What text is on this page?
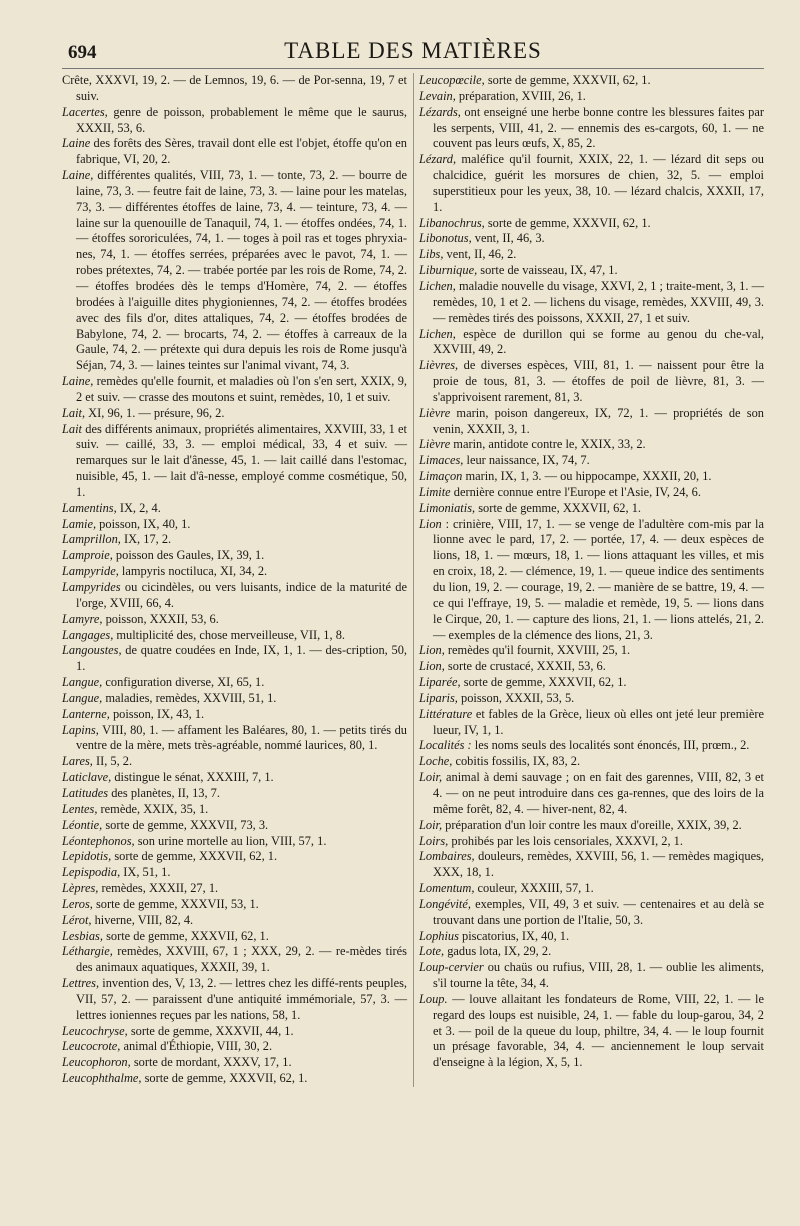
694	TABLE DES MATIÈRES

Crête, XXXVI, 19, 2. — de Lemnos, 19, 6. — de Por-senna, 19, 7 et suiv.

Lacertes, genre de poisson, probablement le même que le saurus, XXXII, 53, 6.

Laine des forêts des Sères, travail dont elle est l'objet, étoffe qu'on en fabrique, VI, 20, 2.

Laine, différentes qualités, VIII, 73, 1. — tonte, 73, 2. — bourre de laine, 73, 3. — feutre fait de laine, 73, 3. — laine pour les matelas, 73, 3. — différentes étoffes de laine, 73, 4. — teinture, 73, 4. — laine sur la quenouille de Tanaquil, 74, 1. — étoffes ondées, 74, 1. — étoffes sororiculées, 74, 1. — toges à poil ras et toges phryxia-nes, 74, 1. — étoffes serrées, préparées avec le pavot, 74, 1. — robes prétextes, 74, 2. — trabée portée par les rois de Rome, 74, 2. — étoffes brodées dès le temps d'Homère, 74, 2. — étoffes brodées à l'aiguille dites phygioniennes, 74, 2. — étoffes brodées avec des fils d'or, dites attaliques, 74, 2. — étoffes brodées de Babylone, 74, 2. — brocarts, 74, 2. — étoffes à carreaux de la Gaule, 74, 2. — prétexte qui dura depuis les rois de Rome jusqu'à Séjan, 74, 3. — laines teintes sur l'animal vivant, 74, 3.

Laine, remèdes qu'elle fournit, et maladies où l'on s'en sert, XXIX, 9, 2 et suiv. — crasse des moutons et suint, remèdes, 10, 1 et suiv.

Lait, XI, 96, 1. — présure, 96, 2.

Lait des différents animaux, propriétés alimentaires, XXVIII, 33, 1 et suiv. — caillé, 33, 3. — emploi médical, 33, 4 et suiv. — remarques sur le lait d'ânesse, 45, 1. — lait caillé dans l'estomac, nuisible, 45, 1. — lait d'â-nesse, employé comme cosmétique, 50, 1.

Lamentins, IX, 2, 4.

Lamie, poisson, IX, 40, 1.

Lamprillon, IX, 17, 2.

Lamproie, poisson des Gaules, IX, 39, 1.

Lampyride, lampyris noctiluca, XI, 34, 2.

Lampyrides ou cicindèles, ou vers luisants, indice de la maturité de l'orge, XVIII, 66, 4.

Lamyre, poisson, XXXII, 53, 6.

Langages, multiplicité des, chose merveilleuse, VII, 1, 8.

Langoustes, de quatre coudées en Inde, IX, 1, 1. — des-cription, 50, 1.

Langue, configuration diverse, XI, 65, 1.

Langue, maladies, remèdes, XXVIII, 51, 1.

Lanterne, poisson, IX, 43, 1.

Lapins, VIII, 80, 1. — affament les Baléares, 80, 1. — petits tirés du ventre de la mère, mets très-agréable, nommé laurices, 80, 1.

Lares, II, 5, 2.

Laticlave, distingue le sénat, XXXIII, 7, 1.

Latitudes des planètes, II, 13, 7.

Lentes, remède, XXIX, 35, 1.

Léontie, sorte de gemme, XXXVII, 73, 3.

Léontephonos, son urine mortelle au lion, VIII, 57, 1.

Lepidotis, sorte de gemme, XXXVII, 62, 1.

Lepispodia, IX, 51, 1.

Lèpres, remèdes, XXXII, 27, 1.

Leros, sorte de gemme, XXXVII, 53, 1.

Lérot, hiverne, VIII, 82, 4.

Lesbias, sorte de gemme, XXXVII, 62, 1.

Léthargie, remèdes, XXVIII, 67, 1 ; XXX, 29, 2. — re-mèdes tirés des animaux aquatiques, XXXII, 39, 1.

Lettres, invention des, V, 13, 2. — lettres chez les diffé-rents peuples, VII, 57, 2. — paraissent d'une antiquité immémoriale, 57, 3. — lettres ioniennes reçues par les nations, 58, 1.

Leucochryse, sorte de gemme, XXXVII, 44, 1.

Leucocrote, animal d'Éthiopie, VIII, 30, 2.

Leucophoron, sorte de mordant, XXXV, 17, 1.

Leucophthalme, sorte de gemme, XXXVII, 62, 1.

Leucopœcile, sorte de gemme, XXXVII, 62, 1.

Levain, préparation, XVIII, 26, 1.

Lézards, ont enseigné une herbe bonne contre les blessures faites par les serpents, VIII, 41, 2. — ennemis des es-cargots, 60, 1. — ne couvent pas leurs œufs, X, 85, 2.

Lézard, maléfice qu'il fournit, XXIX, 22, 1. — lézard dit seps ou chalcidice, guérit les morsures de chien, 32, 5. — emploi superstitieux pour les yeux, 38, 10. — lézard chalcis, XXXII, 17, 1.

Libanochrus, sorte de gemme, XXXVII, 62, 1.

Libonotus, vent, II, 46, 3.

Libs, vent, II, 46, 2.

Liburnique, sorte de vaisseau, IX, 47, 1.

Lichen, maladie nouvelle du visage, XXVI, 2, 1 ; traite-ment, 3, 1. — remèdes, 10, 1 et 2. — lichens du visage, remèdes, XXVIII, 49, 3. — remèdes tirés des poissons, XXXII, 27, 1 et suiv.

Lichen, espèce de durillon qui se forme au genou du che-val, XXVIII, 49, 2.

Lièvres, de diverses espèces, VIII, 81, 1. — naissent pour être la proie de tous, 81, 3. — étoffes de poil de lièvre, 81, 3. — s'apprivoisent rarement, 81, 3.

Lièvre marin, poison dangereux, IX, 72, 1. — propriétés de son venin, XXXII, 3, 1.

Lièvre marin, antidote contre le, XXIX, 33, 2.

Limaces, leur naissance, IX, 74, 7.

Limaçon marin, IX, 1, 3. — ou hippocampe, XXXII, 20, 1.

Limite dernière connue entre l'Europe et l'Asie, IV, 24, 6.

Limoniatis, sorte de gemme, XXXVII, 62, 1.

Lion : crinière, VIII, 17, 1. — se venge de l'adultère com-mis par la lionne avec le pard, 17, 2. — portée, 17, 4. — deux espèces de lions, 18, 1. — mœurs, 18, 1. — lions attaquant les villes, et mis en croix, 18, 2. — clémence, 19, 1. — queue indice des sentiments du lion, 19, 2. — courage, 19, 2. — manière de se battre, 19, 4. — ce qui l'effraye, 19, 5. — maladie et remède, 19, 5. — lions dans le Cirque, 20, 1. — capture des lions, 21, 1. — lions attelés, 21, 2. — exemples de la clémence des lions, 21, 3.

Lion, remèdes qu'il fournit, XXVIII, 25, 1.

Lion, sorte de crustacé, XXXII, 53, 6.

Liparée, sorte de gemme, XXXVII, 62, 1.

Liparis, poisson, XXXII, 53, 5.

Littérature et fables de la Grèce, lieux où elles ont jeté leur première lueur, IV, 1, 1.

Localités : les noms seuls des localités sont énoncés, III, prœm., 2.

Loche, cobitis fossilis, IX, 83, 2.

Loir, animal à demi sauvage ; on en fait des garennes, VIII, 82, 3 et 4. — on ne peut introduire dans ces ga-rennes, que des loirs de la même forêt, 82, 4. — hiver-nent, 82, 4.

Loir, préparation d'un loir contre les maux d'oreille, XXIX, 39, 2.

Loirs, prohibés par les lois censoriales, XXXVI, 2, 1.

Lombaires, douleurs, remèdes, XXVIII, 56, 1. — remèdes magiques, XXX, 18, 1.

Lomentum, couleur, XXXIII, 57, 1.

Longévité, exemples, VII, 49, 3 et suiv. — centenaires et au delà se trouvant dans une portion de l'Italie, 50, 3.

Lophius piscatorius, IX, 40, 1.

Lote, gadus lota, IX, 29, 2.

Loup-cervier ou chaüs ou rufius, VIII, 28, 1. — oublie les aliments, s'il tourne la tête, 34, 4.

Loup. — louve allaitant les fondateurs de Rome, VIII, 22, 1. — le regard des loups est nuisible, 24, 1. — fable du loup-garou, 34, 2 et 3. — poil de la queue du loup, philtre, 34, 4. — le loup fournit un présage favorable, 34, 4. — anciennement le loup servait d'enseigne à la légion, X, 5, 1.
